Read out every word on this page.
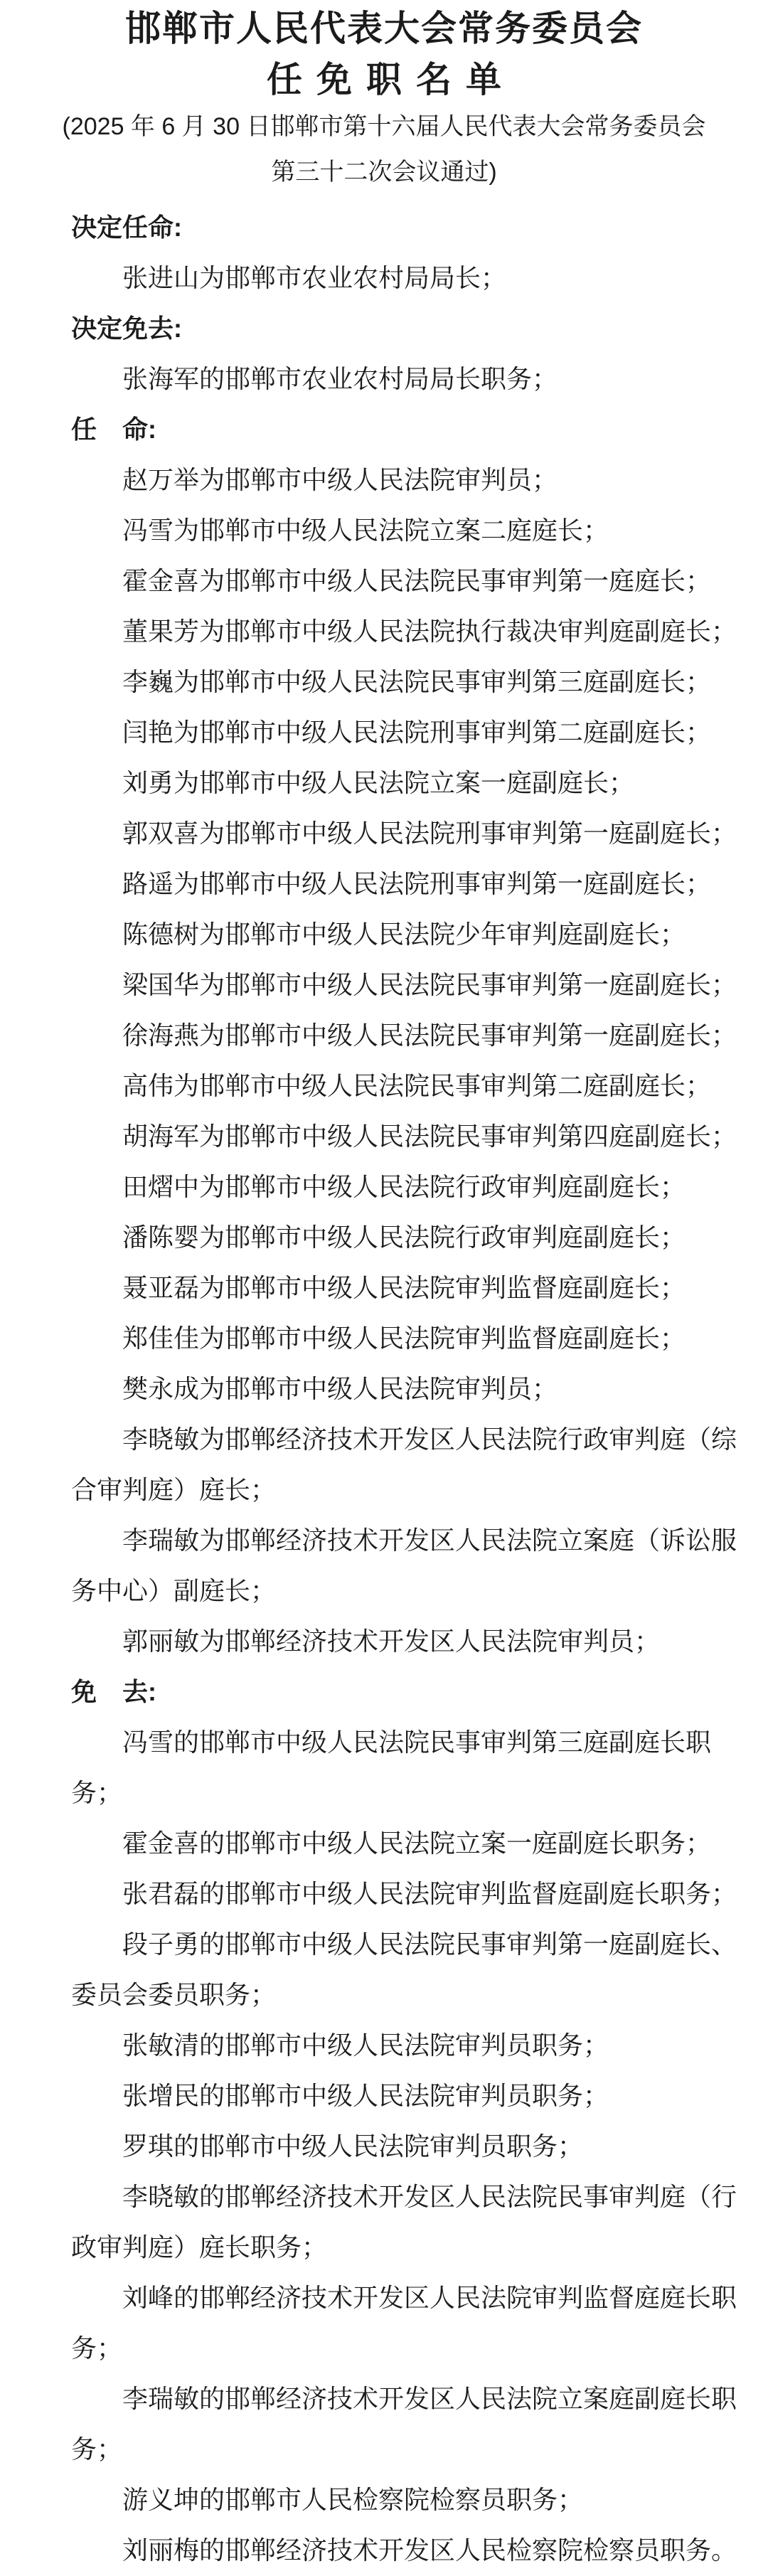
邯郸市人民代表大会常务委员会
任免职名单
(2025 年 6 月 30 日邯郸市第十六届人民代表大会常务委员会
第三十二次会议通过)
决定任命:
张进山为邯郸市农业农村局局长；
决定免去:
张海军的邯郸市农业农村局局长职务；
任　命:
赵万举为邯郸市中级人民法院审判员；
冯雪为邯郸市中级人民法院立案二庭庭长；
霍金喜为邯郸市中级人民法院民事审判第一庭庭长；
董果芳为邯郸市中级人民法院执行裁决审判庭副庭长；
李巍为邯郸市中级人民法院民事审判第三庭副庭长；
闫艳为邯郸市中级人民法院刑事审判第二庭副庭长；
刘勇为邯郸市中级人民法院立案一庭副庭长；
郭双喜为邯郸市中级人民法院刑事审判第一庭副庭长；
路遥为邯郸市中级人民法院刑事审判第一庭副庭长；
陈德树为邯郸市中级人民法院少年审判庭副庭长；
梁国华为邯郸市中级人民法院民事审判第一庭副庭长；
徐海燕为邯郸市中级人民法院民事审判第一庭副庭长；
高伟为邯郸市中级人民法院民事审判第二庭副庭长；
胡海军为邯郸市中级人民法院民事审判第四庭副庭长；
田熠中为邯郸市中级人民法院行政审判庭副庭长；
潘陈婴为邯郸市中级人民法院行政审判庭副庭长；
聂亚磊为邯郸市中级人民法院审判监督庭副庭长；
郑佳佳为邯郸市中级人民法院审判监督庭副庭长；
樊永成为邯郸市中级人民法院审判员；
李晓敏为邯郸经济技术开发区人民法院行政审判庭（综
合审判庭）庭长；
李瑞敏为邯郸经济技术开发区人民法院立案庭（诉讼服
务中心）副庭长；
郭丽敏为邯郸经济技术开发区人民法院审判员；
免　去:
冯雪的邯郸市中级人民法院民事审判第三庭副庭长职
务；
霍金喜的邯郸市中级人民法院立案一庭副庭长职务；
张君磊的邯郸市中级人民法院审判监督庭副庭长职务；
段子勇的邯郸市中级人民法院民事审判第一庭副庭长、
委员会委员职务；
张敏清的邯郸市中级人民法院审判员职务；
张增民的邯郸市中级人民法院审判员职务；
罗琪的邯郸市中级人民法院审判员职务；
李晓敏的邯郸经济技术开发区人民法院民事审判庭（行
政审判庭）庭长职务；
刘峰的邯郸经济技术开发区人民法院审判监督庭庭长职
务；
李瑞敏的邯郸经济技术开发区人民法院立案庭副庭长职
务；
游义坤的邯郸市人民检察院检察员职务；
刘丽梅的邯郸经济技术开发区人民检察院检察员职务。
